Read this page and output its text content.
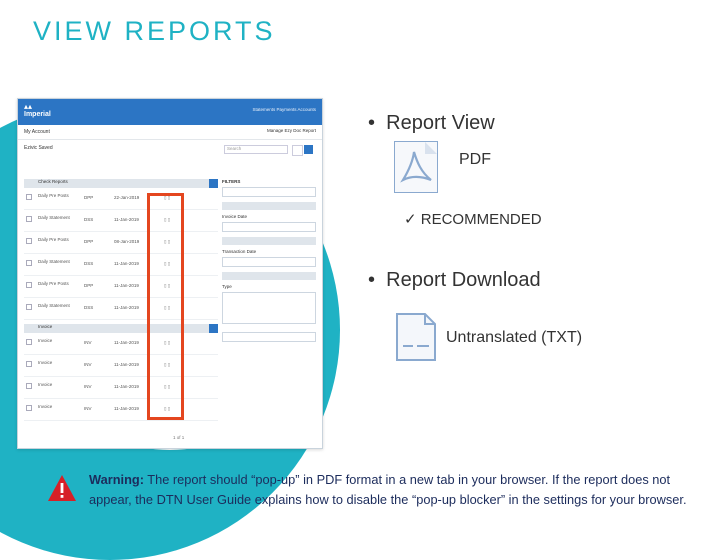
VIEW REPORTS
▴▴
Imperial
Statements Payments Accounts
My Account	Manage Ezy Doc Report
Ezivic Saved	Search
Check Reports
Daily Pre Posts	DPP	22-Jan-2019	▯ ▯
Daily Statement	DSS	11-Jan-2019	▯ ▯
Daily Pre Posts	DPP	08-Jan-2019	▯ ▯
Daily Statement	DSS	11-Jan-2019	▯ ▯
Daily Pre Posts	DPP	11-Jan-2019	▯ ▯
Daily Statement	DSS	11-Jan-2019	▯ ▯
Invoice
Invoice	INV	11-Jan-2019	▯ ▯
Invoice	INV	11-Jan-2019	▯ ▯
Invoice	INV	11-Jan-2019	▯ ▯
Invoice	INV	11-Jan-2019	▯ ▯
FILTERS
Invoice Date
Transaction Date
Type
1 of 1
•  Report View
PDF
✓ RECOMMENDED
•  Report Download
Untranslated (TXT)
Warning: The report should “pop-up” in PDF format in a new tab in your browser. If the report does not appear, the DTN User Guide explains how to disable the “pop-up blocker” in the settings for your browser.
